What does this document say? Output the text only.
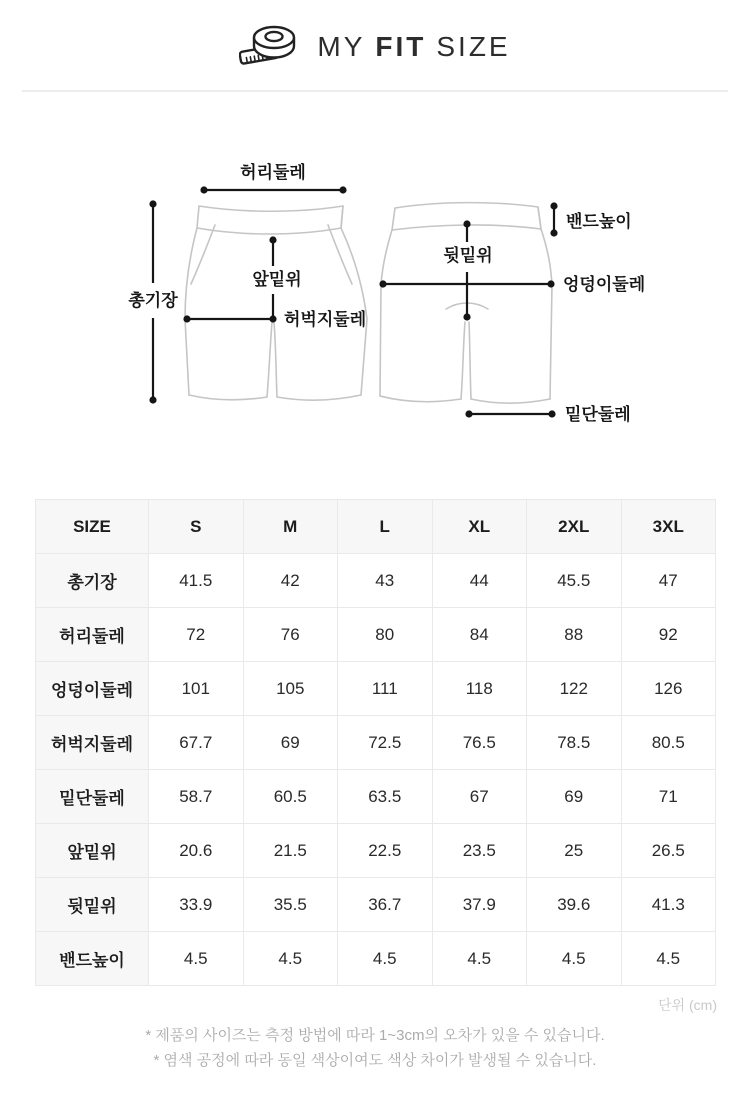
MY FIT SIZE
허리둘레
총기장
앞밑위
허벅지둘레
밴드높이
뒷밑위
엉덩이둘레
밑단둘레
SIZE	S	M	L	XL	2XL	3XL
총기장	41.5	42	43	44	45.5	47
허리둘레	72	76	80	84	88	92
엉덩이둘레	101	105	111	118	122	126
허벅지둘레	67.7	69	72.5	76.5	78.5	80.5
밑단둘레	58.7	60.5	63.5	67	69	71
앞밑위	20.6	21.5	22.5	23.5	25	26.5
뒷밑위	33.9	35.5	36.7	37.9	39.6	41.3
밴드높이	4.5	4.5	4.5	4.5	4.5	4.5
단위 (cm)
* 제품의 사이즈는 측정 방법에 따라 1~3cm의 오차가 있을 수 있습니다.
* 염색 공정에 따라 동일 색상이여도 색상 차이가 발생될 수 있습니다.
